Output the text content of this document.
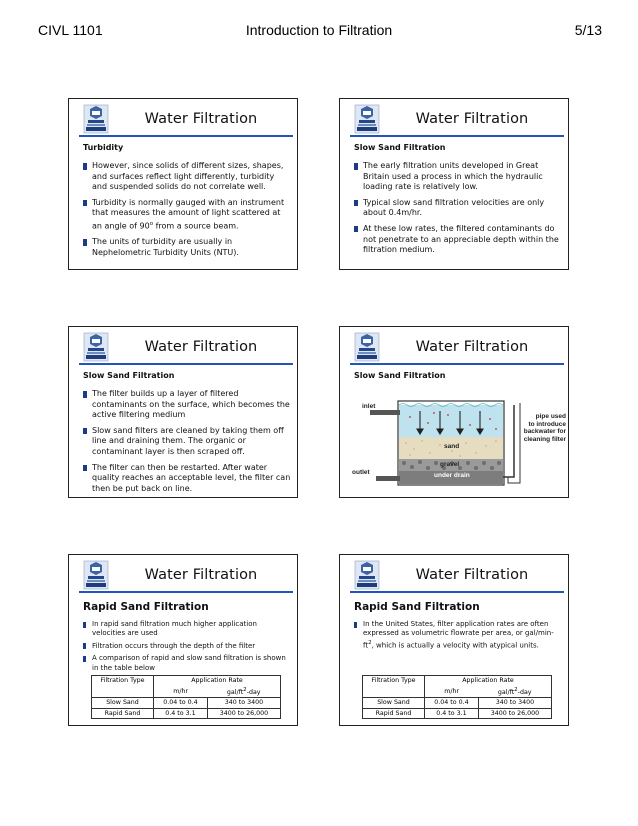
CIVL 1101	Introduction to Filtration	5/13
Water Filtration
Turbidity
However, since solids of different sizes, shapes, and surfaces reflect light differently, turbidity and suspended solids do not correlate well.
Turbidity is normally gauged with an instrument that measures the amount of light scattered at an angle of 90$^o$ from a source beam.
The units of turbidity are usually in Nephelometric Turbidity Units (NTU).
Water Filtration
Slow Sand Filtration
The early filtration units developed in Great Britain used a process in which the hydraulic loading rate is relatively low.
Typical slow sand filtration velocities are only about 0.4m/hr.
At these low rates, the filtered contaminants do not penetrate to an appreciable depth within the filtration medium.
Water Filtration
Slow Sand Filtration
The filter builds up a layer of filtered contaminants on the surface, which becomes the active filtering medium
Slow sand filters are cleaned by taking them off line and draining them. The organic or contaminant layer is then scraped off.
The filter can then be restarted. After water quality reaches an acceptable level, the filter can then be put back on line.
Water Filtration
Slow Sand Filtration
inlet
outlet
sand
gravel
under drain
pipe used
to introduce
backwater for
cleaning filter
Water Filtration
Rapid Sand Filtration
In rapid sand filtration much higher application velocities are used
Filtration occurs through the depth of the filter
A comparison of rapid and slow sand filtration is shown in the table below
Filtration Type	Application Rate	
	m/hr	gal/$ft^2$-day
Slow Sand	0.04 to 0.4	340 to 3400
Rapid Sand	0.4 to 3.1	3400 to 26,000
Water Filtration
Rapid Sand Filtration
In the United States, filter application rates are often expressed as volumetric flowrate per area, or gal/$\min-ft^2$, which is actually a velocity with atypical units.
Filtration Type	Application Rate	
	m/hr	gal/$ft^2$-day
Slow Sand	0.04 to 0.4	340 to 3400
Rapid Sand	0.4 to 3.1	3400 to 26,000
